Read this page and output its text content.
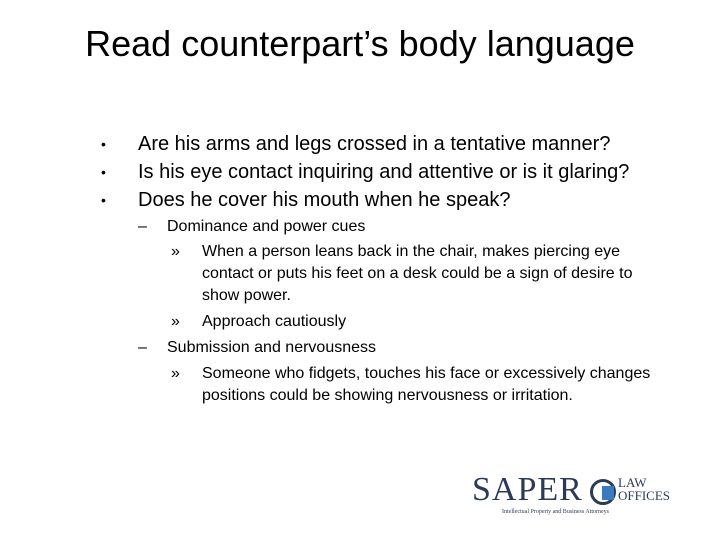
Read counterpart’s body language
•	Are his arms and legs crossed in a tentative manner?
•	Is his eye contact inquiring and attentive or is it glaring?
•	Does he cover his mouth when he speak?
– Dominance and power cues
» When a person leans back in the chair, makes piercing eye contact or puts his feet on a desk could be a sign of desire to show power.
» Approach cautiously
– Submission and nervousness
» Someone who fidgets, touches his face or excessively changes positions could be showing nervousness or irritation.
SAPER	LAW
OFFICES
Intellectual Property and Business Attorneys
